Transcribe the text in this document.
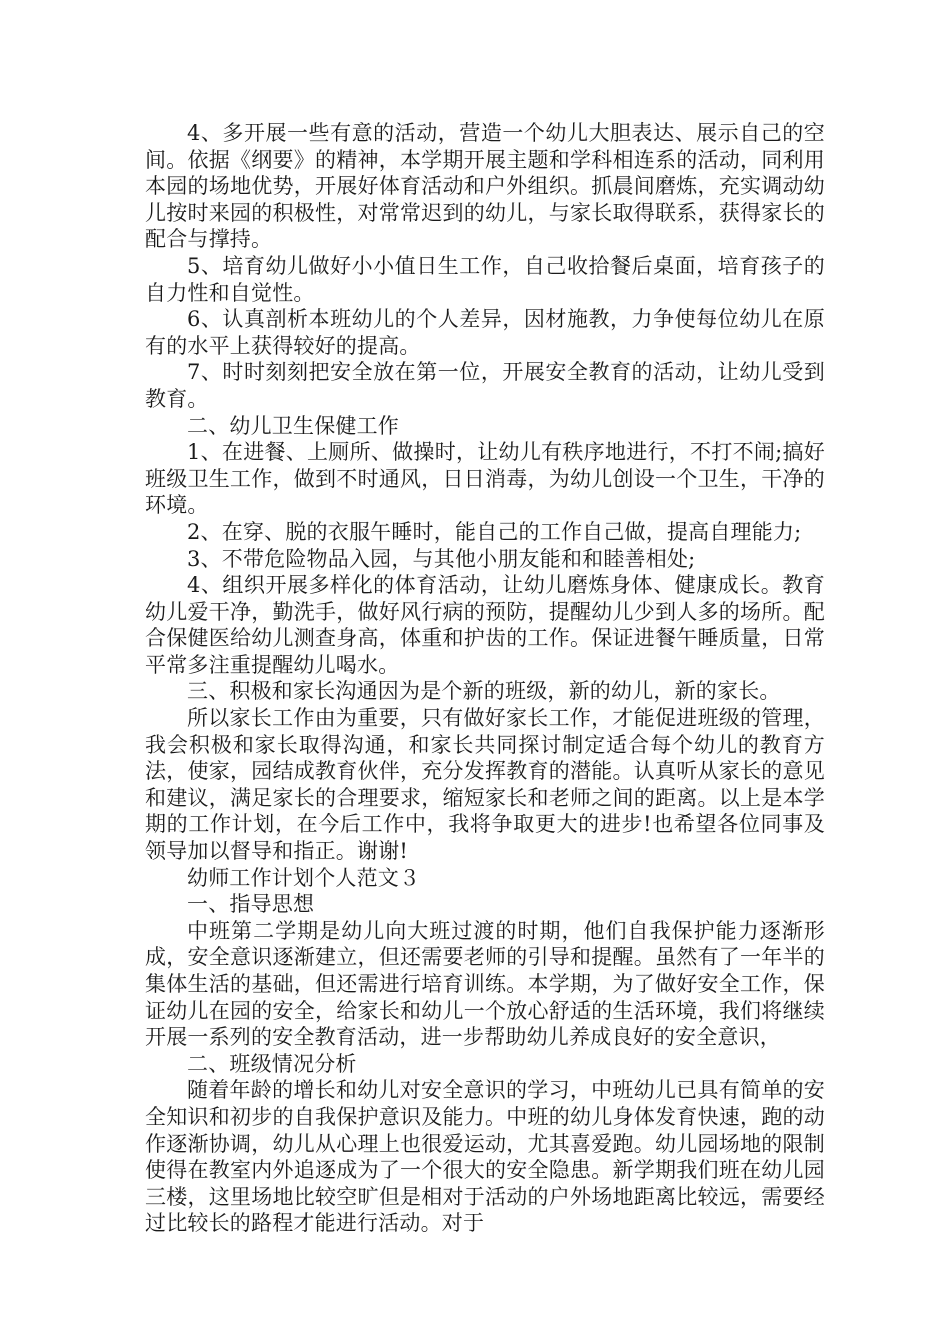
4、多开展一些有意的活动，营造一个幼儿大胆表达、展示自己的空间。依据《纲要》的精神，本学期开展主题和学科相连系的活动，同利用本园的场地优势，开展好体育活动和户外组织。抓晨间磨炼，充实调动幼儿按时来园的积极性，对常常迟到的幼儿，与家长取得联系，获得家长的配合与撑持。

5、培育幼儿做好小小值日生工作，自己收拾餐后桌面，培育孩子的自力性和自觉性。

6、认真剖析本班幼儿的个人差异，因材施教，力争使每位幼儿在原有的水平上获得较好的提高。

7、时时刻刻把安全放在第一位，开展安全教育的活动，让幼儿受到教育。

二、幼儿卫生保健工作

1、在进餐、上厕所、做操时，让幼儿有秩序地进行，不打不闹;搞好班级卫生工作，做到不时通风，日日消毒，为幼儿创设一个卫生，干净的环境。

2、在穿、脱的衣服午睡时，能自己的工作自己做，提高自理能力;

3、不带危险物品入园，与其他小朋友能和和睦善相处;

4、组织开展多样化的体育活动，让幼儿磨炼身体、健康成长。教育幼儿爱干净，勤洗手，做好风行病的预防，提醒幼儿少到人多的场所。配合保健医给幼儿测查身高，体重和护齿的工作。保证进餐午睡质量，日常平常多注重提醒幼儿喝水。

三、积极和家长沟通因为是个新的班级，新的幼儿，新的家长。

所以家长工作由为重要，只有做好家长工作，才能促进班级的管理，我会积极和家长取得沟通，和家长共同探讨制定适合每个幼儿的教育方法，使家，园结成教育伙伴，充分发挥教育的潜能。认真听从家长的意见和建议，满足家长的合理要求，缩短家长和老师之间的距离。以上是本学期的工作计划，在今后工作中，我将争取更大的进步!也希望各位同事及领导加以督导和指正。谢谢!

幼师工作计划个人范文３

一、指导思想

中班第二学期是幼儿向大班过渡的时期，他们自我保护能力逐渐形成，安全意识逐渐建立，但还需要老师的引导和提醒。虽然有了一年半的集体生活的基础，但还需进行培育训练。本学期，为了做好安全工作，保证幼儿在园的安全，给家长和幼儿一个放心舒适的生活环境，我们将继续开展一系列的安全教育活动，进一步帮助幼儿养成良好的安全意识，

二、班级情况分析

随着年龄的增长和幼儿对安全意识的学习，中班幼儿已具有简单的安全知识和初步的自我保护意识及能力。中班的幼儿身体发育快速，跑的动作逐渐协调，幼儿从心理上也很爱运动，尤其喜爱跑。幼儿园场地的限制使得在教室内外追逐成为了一个很大的安全隐患。新学期我们班在幼儿园三楼，这里场地比较空旷但是相对于活动的户外场地距离比较远，需要经过比较长的路程才能进行活动。对于
